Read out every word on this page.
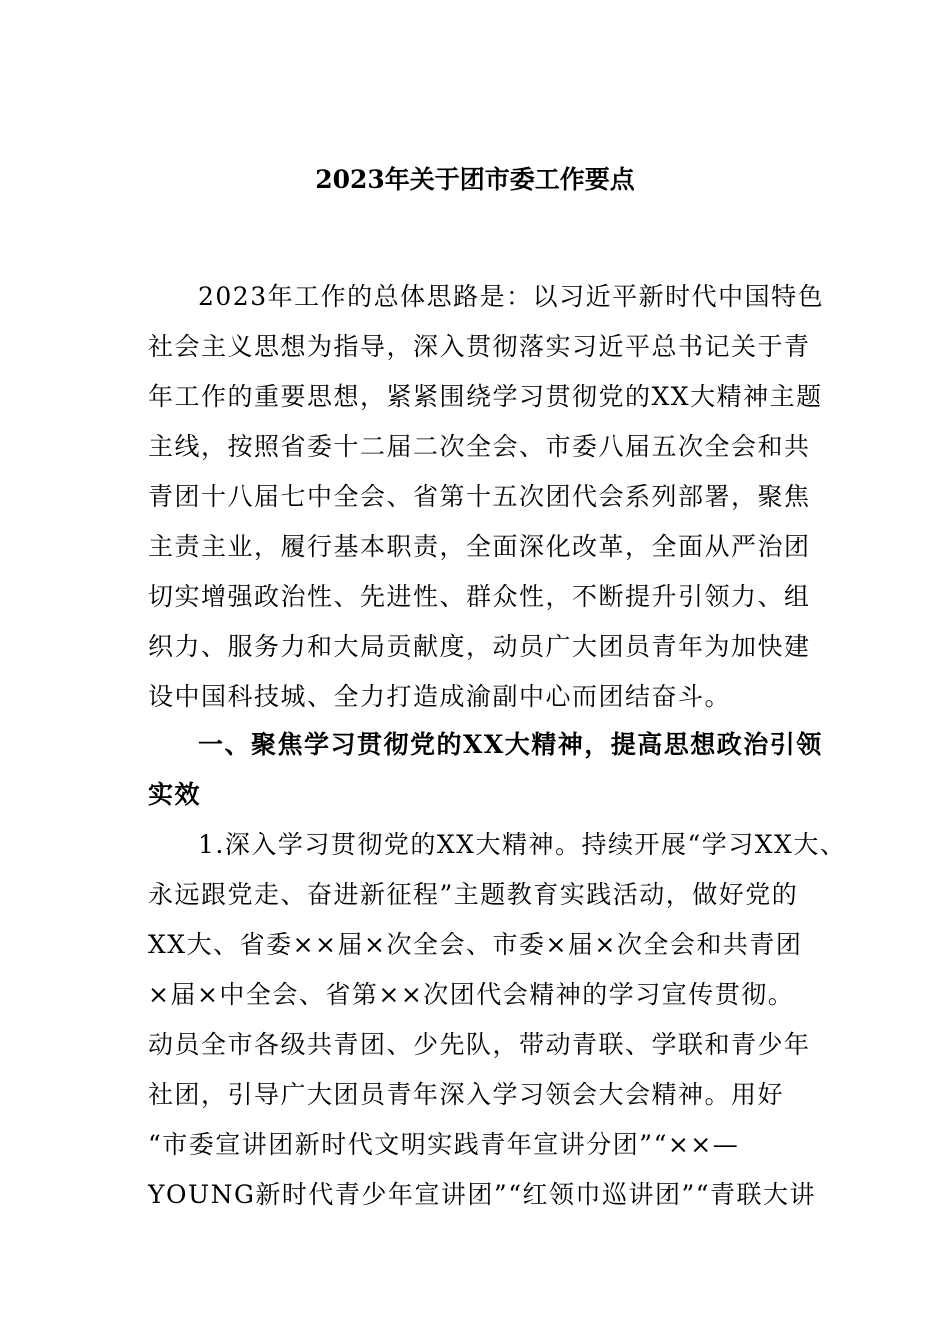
2023年关于团市委工作要点
2023年工作的总体思路是：以习近平新时代中国特色
社会主义思想为指导，深入贯彻落实习近平总书记关于青
年工作的重要思想，紧紧围绕学习贯彻党的XX大精神主题
主线，按照省委十二届二次全会、市委八届五次全会和共
青团十八届七中全会、省第十五次团代会系列部署，聚焦
主责主业，履行基本职责，全面深化改革，全面从严治团
切实增强政治性、先进性、群众性，不断提升引领力、组
织力、服务力和大局贡献度，动员广大团员青年为加快建
设中国科技城、全力打造成渝副中心而团结奋斗。
一、聚焦学习贯彻党的XX大精神，提高思想政治引领
实效
1.深入学习贯彻党的XX大精神。持续开展“学习XX大、
永远跟党走、奋进新征程”主题教育实践活动，做好党的
XX大、省委××届×次全会、市委×届×次全会和共青团
×届×中全会、省第××次团代会精神的学习宣传贯彻。
动员全市各级共青团、少先队，带动青联、学联和青少年
社团，引导广大团员青年深入学习领会大会精神。用好
“市委宣讲团新时代文明实践青年宣讲分团”“××—
YOUNG新时代青少年宣讲团”“红领巾巡讲团”“青联大讲
